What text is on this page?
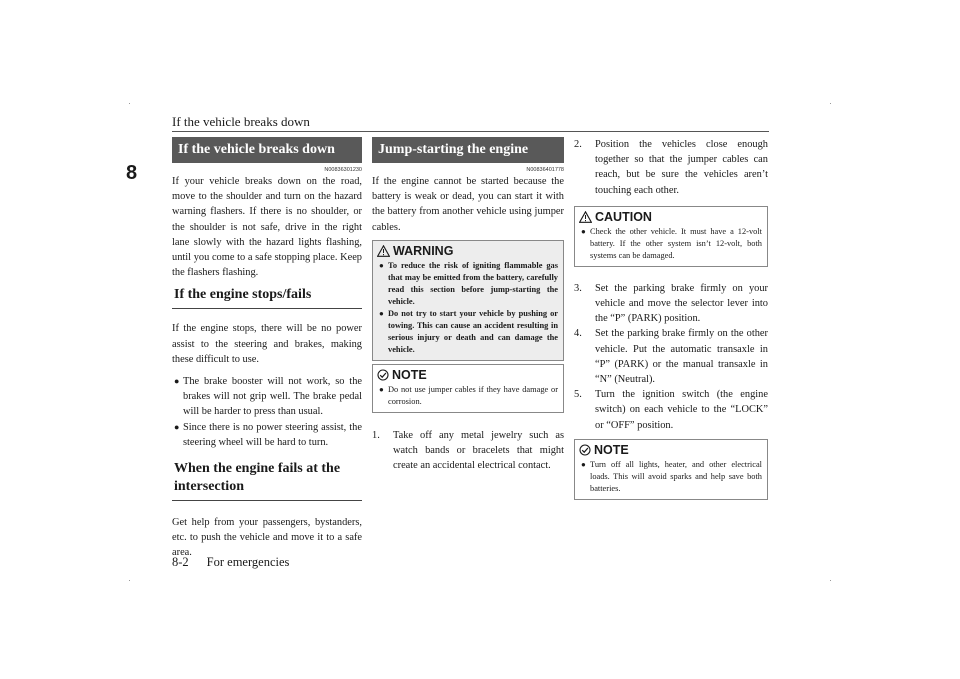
If the vehicle breaks down
8
If the vehicle breaks down
N00836301230

If your vehicle breaks down on the road, move to the shoulder and turn on the hazard warning flashers. If there is no shoulder, or the shoulder is not safe, drive in the right lane slowly with the hazard lights flashing, until you come to a safe stopping place. Keep the flashers flashing.

If the engine stops/fails

If the engine stops, there will be no power assist to the steering and brakes, making these difficult to use.

● The brake booster will not work, so the brakes will not grip well. The brake pedal will be harder to press than usual.
● Since there is no power steering assist, the steering wheel will be hard to turn.
When the engine fails at the intersection

Get help from your passengers, bystanders, etc. to push the vehicle and move it to a safe area.

Jump-starting the engine
N00836401778

If the engine cannot be started because the battery is weak or dead, you can start it with the battery from another vehicle using jumper cables.

WARNING
● To reduce the risk of igniting flammable gas that may be emitted from the battery, carefully read this section before jump-starting the vehicle.
● Do not try to start your vehicle by pushing or towing. This can cause an accident resulting in serious injury or death and can damage the vehicle.
NOTE
● Do not use jumper cables if they have damage or corrosion.
1. Take off any metal jewelry such as watch bands or bracelets that might create an accidental electrical contact.
2. Position the vehicles close enough together so that the jumper cables can reach, but be sure the vehicles aren’t touching each other.
CAUTION
● Check the other vehicle. It must have a 12-volt battery. If the other system isn’t 12-volt, both systems can be damaged.
3. Set the parking brake firmly on your vehicle and move the selector lever into the “P” (PARK) position.
4. Set the parking brake firmly on the other vehicle. Put the automatic transaxle in “P” (PARK) or the manual transaxle in “N” (Neutral).
5. Turn the ignition switch (the engine switch) on each vehicle to the “LOCK” or “OFF” position.
NOTE
● Turn off all lights, heater, and other electrical loads. This will avoid sparks and help save both batteries.
8-2 For emergencies
